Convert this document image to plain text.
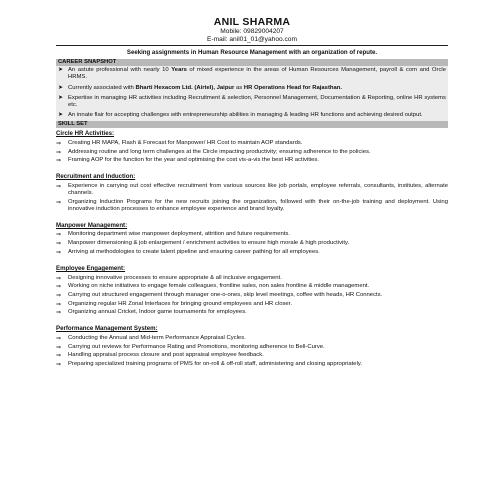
ANIL SHARMA
Mobile: 09829004207
E-mail: anil01_01@yahoo.com
Seeking assignments in Human Resource Management with an organization of repute.
CAREER SNAPSHOT
➤ An astute professional with nearly 10 Years of mixed experience in the areas of Human Resources Management, payroll & com and Orcle HRMS.
➤ Currently associated with Bharti Hexacom Ltd. (Airtel), Jaipur as HR Operations Head for Rajasthan.
➤ Expertise in managing HR activities including Recruitment & selection, Personnel Management, Documentation & Reporting, online HR systems etc.
➤ An innate flair for accepting challenges with entrepreneurship abilities in managing & leading HR functions and achieving desired output.
SKILL SET
Circle HR Activities:
⇒	Creating HR MAPA, Flash & Forecast for Manpower/ HR Cost to maintain AOP standards.
⇒	Addressing routine and long term challenges at the Circle impacting productivity; ensuring adherence to the policies.
⇒	Framing AOP for the function for the year and optimising the cost vis-a-vis the best HR activities.
Recruitment and Induction:
⇒	Experience in carrying out cost effective recruitment from various sources like job portals, employee referrals, consultants, institutes, alternate channels.
⇒	Organizing Induction Programs for the new recruits joining the organization, followed with their on-the-job training and deployment. Using innovative induction processes to enhance employee experience and brand loyalty.
Manpower Management:
⇒	Monitoring department wise manpower deployment, attrition and future requirements.
⇒	Manpower dimensioning & job enlargement / enrichment activities to ensure high morale & high productivity.
⇒	Arriving at methodologies to create talent pipeline and ensuring career pathing for all employees.
Employee Engagement:
⇒	Designing innovative processes to ensure appropriate & all inclusive engagement.
⇒	Working on niche initiatives to engage female colleagues, frontline sales, non sales frontline & middle management.
⇒	Carrying out structured engagement through manager one-o-ones, skip level meetings, coffee with heads, HR Connects.
⇒	Organizing regular HR Zonal Interfaces for bringing ground employees and HR closer.
⇒	Organizing annual Cricket, Indoor game tournaments for employees.
Performance Management System:
⇒	Conducting the Annual and Mid-term Performance Appraisal Cycles.
⇒	Carrying out reviews for Performance Rating and Promotions, monitoring adherence to Bell-Curve.
⇒	Handling appraisal process closure and post appraisal employee feedback.
⇒	Preparing specialized training programs of PMS for on-roll & off-roll staff, administering and closing appropriately.
